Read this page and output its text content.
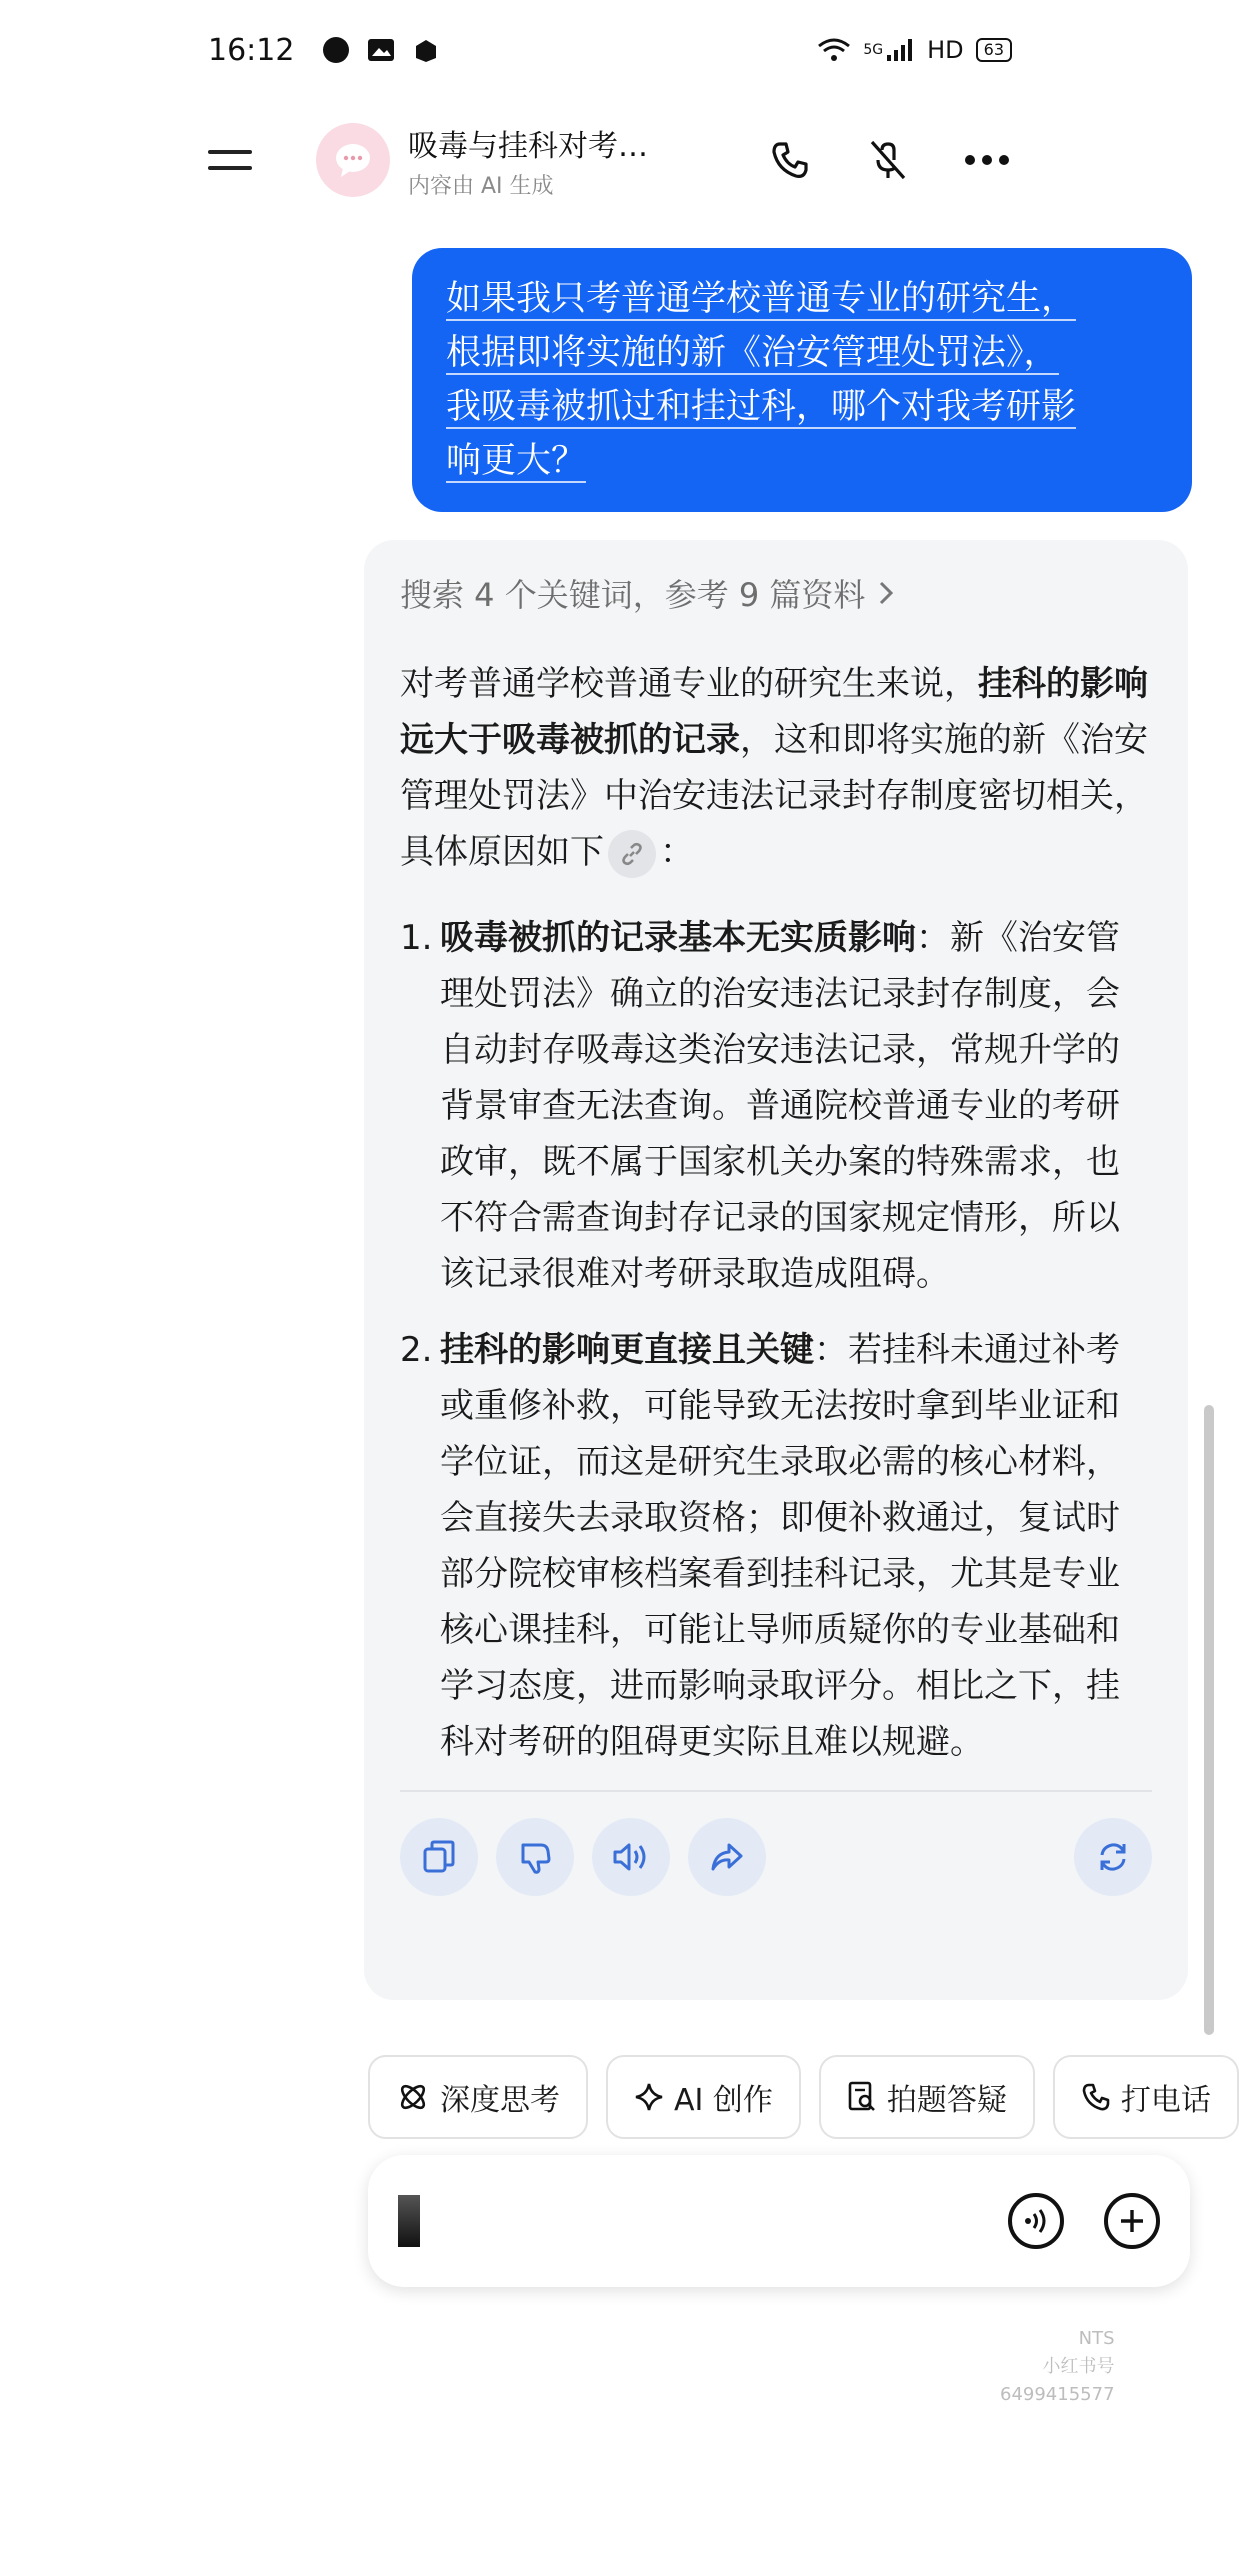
16:12	5G HD	63
吸毒与挂科对考…
内容由 AI 生成
如果我只考普通学校普通专业的研究生，
根据即将实施的新《治安管理处罚法》，
我吸毒被抓过和挂过科，哪个对我考研影
响更大？
搜索 4 个关键词，参考 9 篇资料
对考普通学校普通专业的研究生来说，挂科的影响远大于吸毒被抓的记录，这和即将实施的新《治安管理处罚法》中治安违法记录封存制度密切相关，具体原因如下 ：
1. 吸毒被抓的记录基本无实质影响：新《治安管理处罚法》确立的治安违法记录封存制度，会自动封存吸毒这类治安违法记录，常规升学的背景审查无法查询。普通院校普通专业的考研政审，既不属于国家机关办案的特殊需求，也不符合需查询封存记录的国家规定情形，所以该记录很难对考研录取造成阻碍。
2. 挂科的影响更直接且关键：若挂科未通过补考或重修补救，可能导致无法按时拿到毕业证和学位证，而这是研究生录取必需的核心材料，会直接失去录取资格；即便补救通过，复试时部分院校审核档案看到挂科记录，尤其是专业核心课挂科，可能让导师质疑你的专业基础和学习态度，进而影响录取评分。相比之下，挂科对考研的阻碍更实际且难以规避。
深度思考	AI 创作	拍题答疑	打电话
NTS
小红书号 6499415577
